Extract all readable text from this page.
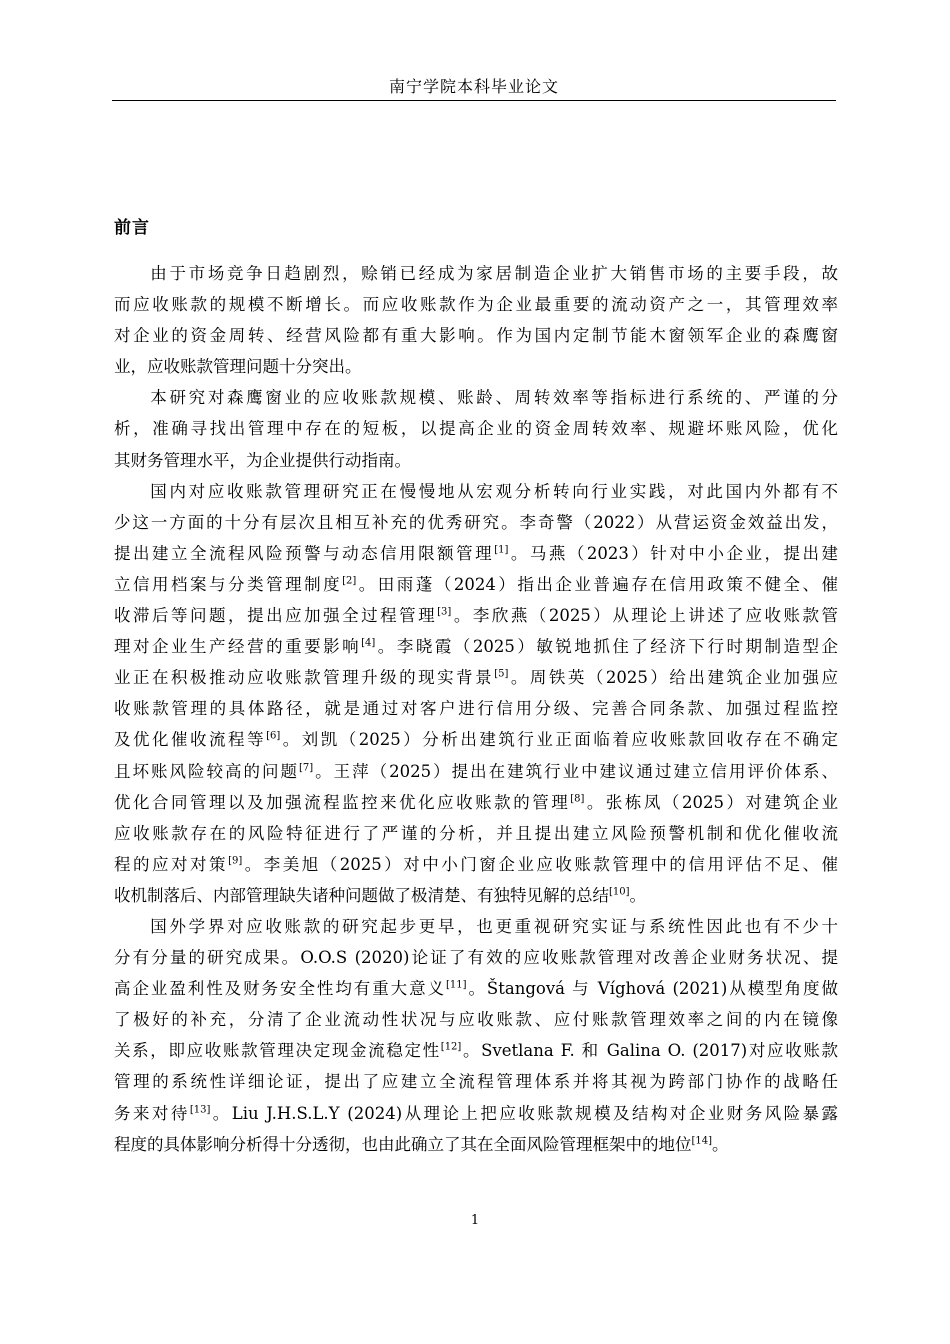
南宁学院本科毕业论文
前言

由于市场竞争日趋剧烈，赊销已经成为家居制造企业扩大销售市场的主要手段，故
而应收账款的规模不断增长。而应收账款作为企业最重要的流动资产之一，其管理效率
对企业的资金周转、经营风险都有重大影响。作为国内定制节能木窗领军企业的森鹰窗
业，应收账款管理问题十分突出。

本研究对森鹰窗业的应收账款规模、账龄、周转效率等指标进行系统的、严谨的分
析，准确寻找出管理中存在的短板，以提高企业的资金周转效率、规避坏账风险，优化
其财务管理水平，为企业提供行动指南。

国内对应收账款管理研究正在慢慢地从宏观分析转向行业实践，对此国内外都有不
少这一方面的十分有层次且相互补充的优秀研究。李奇警（2022）从营运资金效益出发，
提出建立全流程风险预警与动态信用限额管理[1]。马燕（2023）针对中小企业，提出建
立信用档案与分类管理制度[2]。田雨蓬（2024）指出企业普遍存在信用政策不健全、催
收滞后等问题，提出应加强全过程管理[3]。李欣燕（2025）从理论上讲述了应收账款管
理对企业生产经营的重要影响[4]。李晓霞（2025）敏锐地抓住了经济下行时期制造型企
业正在积极推动应收账款管理升级的现实背景[5]。周铁英（2025）给出建筑企业加强应
收账款管理的具体路径，就是通过对客户进行信用分级、完善合同条款、加强过程监控
及优化催收流程等[6]。刘凯（2025）分析出建筑行业正面临着应收账款回收存在不确定
且坏账风险较高的问题[7]。王萍（2025）提出在建筑行业中建议通过建立信用评价体系、
优化合同管理以及加强流程监控来优化应收账款的管理[8]。张栋凤（2025）对建筑企业
应收账款存在的风险特征进行了严谨的分析，并且提出建立风险预警机制和优化催收流
程的应对对策[9]。李美旭（2025）对中小门窗企业应收账款管理中的信用评估不足、催
收机制落后、内部管理缺失诸种问题做了极清楚、有独特见解的总结[10]。

国外学界对应收账款的研究起步更早，也更重视研究实证与系统性因此也有不少十
分有分量的研究成果。O.O.S (2020)论证了有效的应收账款管理对改善企业财务状况、提
高企业盈利性及财务安全性均有重大意义[11]。Štangová 与 Víghová (2021)从模型角度做
了极好的补充，分清了企业流动性状况与应收账款、应付账款管理效率之间的内在镜像
关系，即应收账款管理决定现金流稳定性[12]。Svetlana F. 和 Galina O. (2017)对应收账款
管理的系统性详细论证，提出了应建立全流程管理体系并将其视为跨部门协作的战略任
务来对待[13]。Liu J.H.S.L.Y (2024)从理论上把应收账款规模及结构对企业财务风险暴露
程度的具体影响分析得十分透彻，也由此确立了其在全面风险管理框架中的地位[14]。

1
